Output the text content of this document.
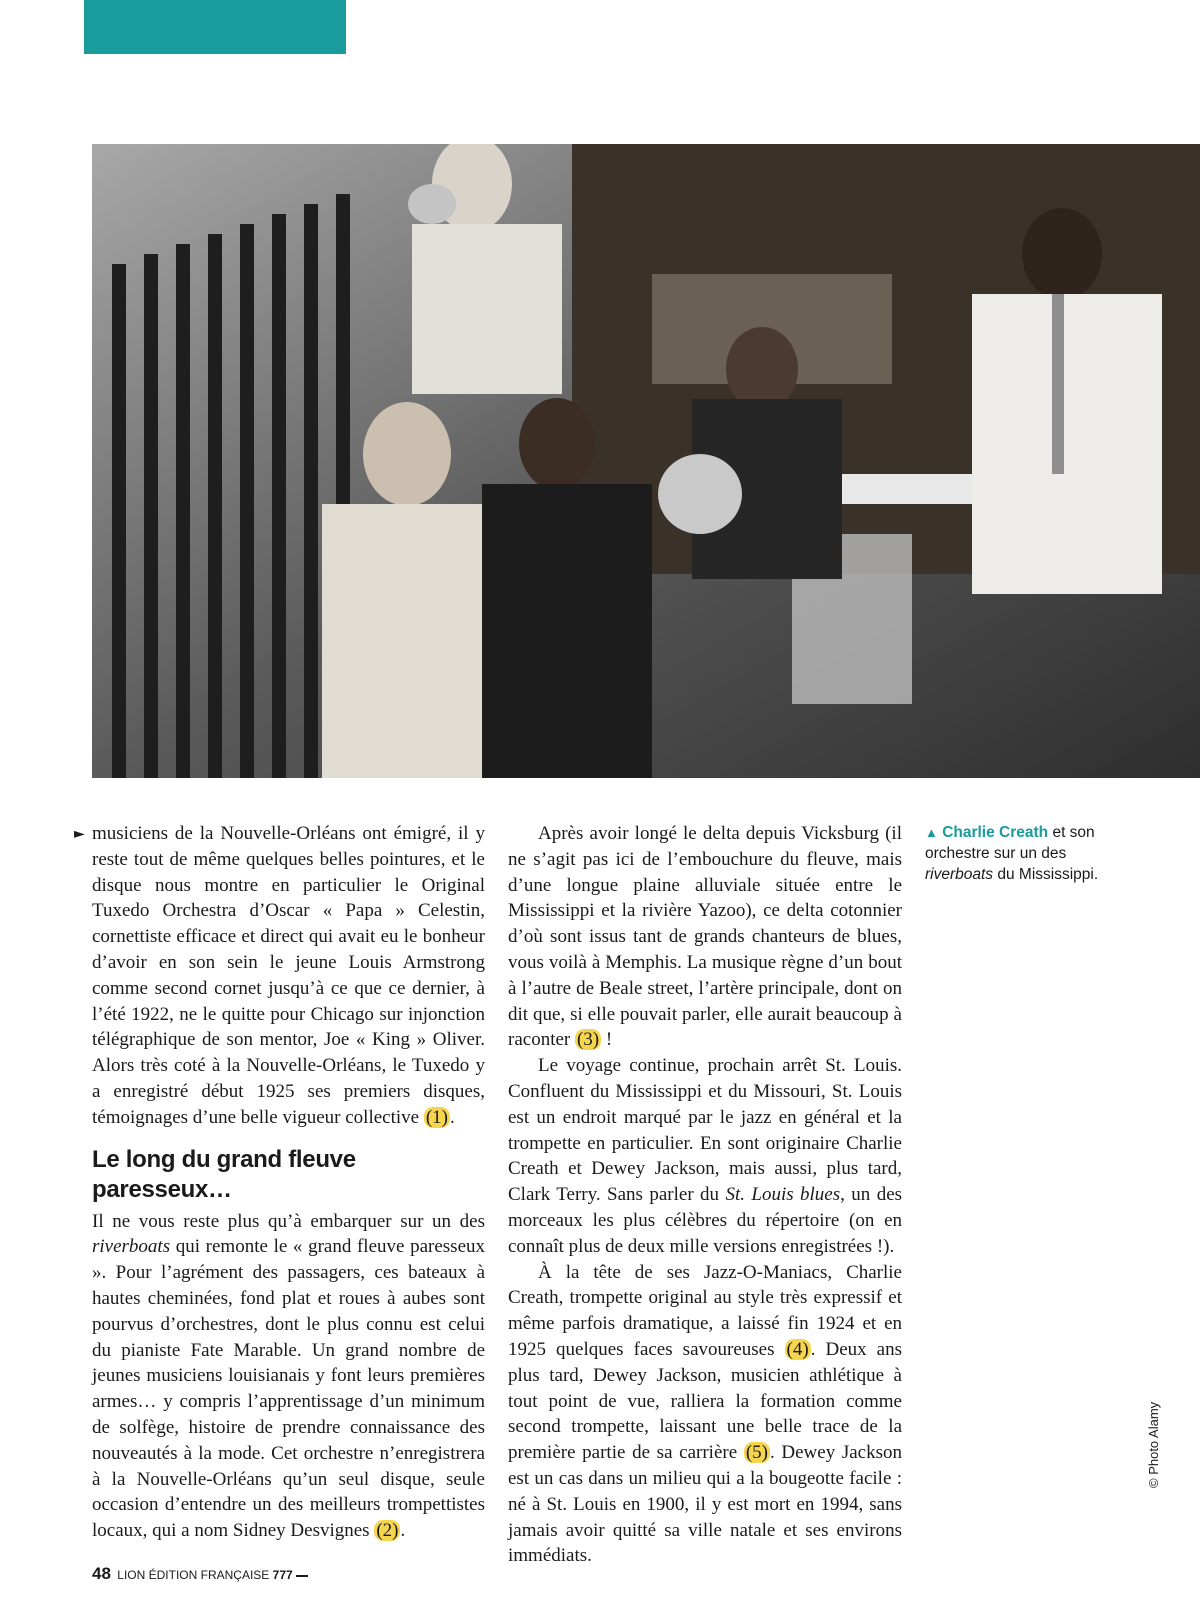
► musiciens de la Nouvelle-Orléans ont émigré, il y reste tout de même quelques belles pointures, et le disque nous montre en particulier le Original Tuxedo Orchestra d’Oscar « Papa » Celestin, cornettiste efficace et direct qui avait eu le bonheur d’avoir en son sein le jeune Louis Armstrong comme second cornet jusqu’à ce que ce dernier, à l’été 1922, ne le quitte pour Chicago sur injonction télégraphique de son mentor, Joe « King » Oliver. Alors très coté à la Nouvelle-Orléans, le Tuxedo y a enregistré début 1925 ses premiers disques, témoignages d’une belle vigueur collective (1) .

Le long du grand fleuve paresseux…

Il ne vous reste plus qu’à embarquer sur un des riverboats qui remonte le « grand fleuve paresseux ». Pour l’agrément des passagers, ces bateaux à hautes cheminées, fond plat et roues à aubes sont pourvus d’orchestres, dont le plus connu est celui du pianiste Fate Marable. Un grand nombre de jeunes musiciens louisianais y font leurs premières armes… y compris l’apprentissage d’un minimum de solfège, histoire de prendre connaissance des nouveautés à la mode. Cet orchestre n’enregistrera à la Nouvelle-Orléans qu’un seul disque, seule occasion d’entendre un des meilleurs trompettistes locaux, qui a nom Sidney Desvignes (2) .

Après avoir longé le delta depuis Vicksburg (il ne s’agit pas ici de l’embouchure du fleuve, mais d’une longue plaine alluviale située entre le Mississippi et la rivière Yazoo), ce delta cotonnier d’où sont issus tant de grands chanteurs de blues, vous voilà à Memphis. La musique règne d’un bout à l’autre de Beale street, l’artère principale, dont on dit que, si elle pouvait parler, elle aurait beaucoup à raconter (3) !

Le voyage continue, prochain arrêt St. Louis. Confluent du Mississippi et du Missouri, St. Louis est un endroit marqué par le jazz en général et la trompette en particulier. En sont originaire Charlie Creath et Dewey Jackson, mais aussi, plus tard, Clark Terry. Sans parler du St. Louis blues, un des morceaux les plus célèbres du répertoire (on en connaît plus de deux mille versions enregistrées !).

À la tête de ses Jazz-O-Maniacs, Charlie Creath, trompette original au style très expressif et même parfois dramatique, a laissé fin 1924 et en 1925 quelques faces savoureuses (4) . Deux ans plus tard, Dewey Jackson, musicien athlétique à tout point de vue, ralliera la formation comme second trompette, laissant une belle trace de la première partie de sa carrière (5) . Dewey Jackson est un cas dans un milieu qui a la bougeotte facile : né à St. Louis en 1900, il y est mort en 1994, sans jamais avoir quitté sa ville natale et ses environs immédiats.

▲ Charlie Creath et son orchestre sur un des riverboats du Mississippi.
© Photo Alamy
48 LION ÉDITION FRANÇAISE 777
